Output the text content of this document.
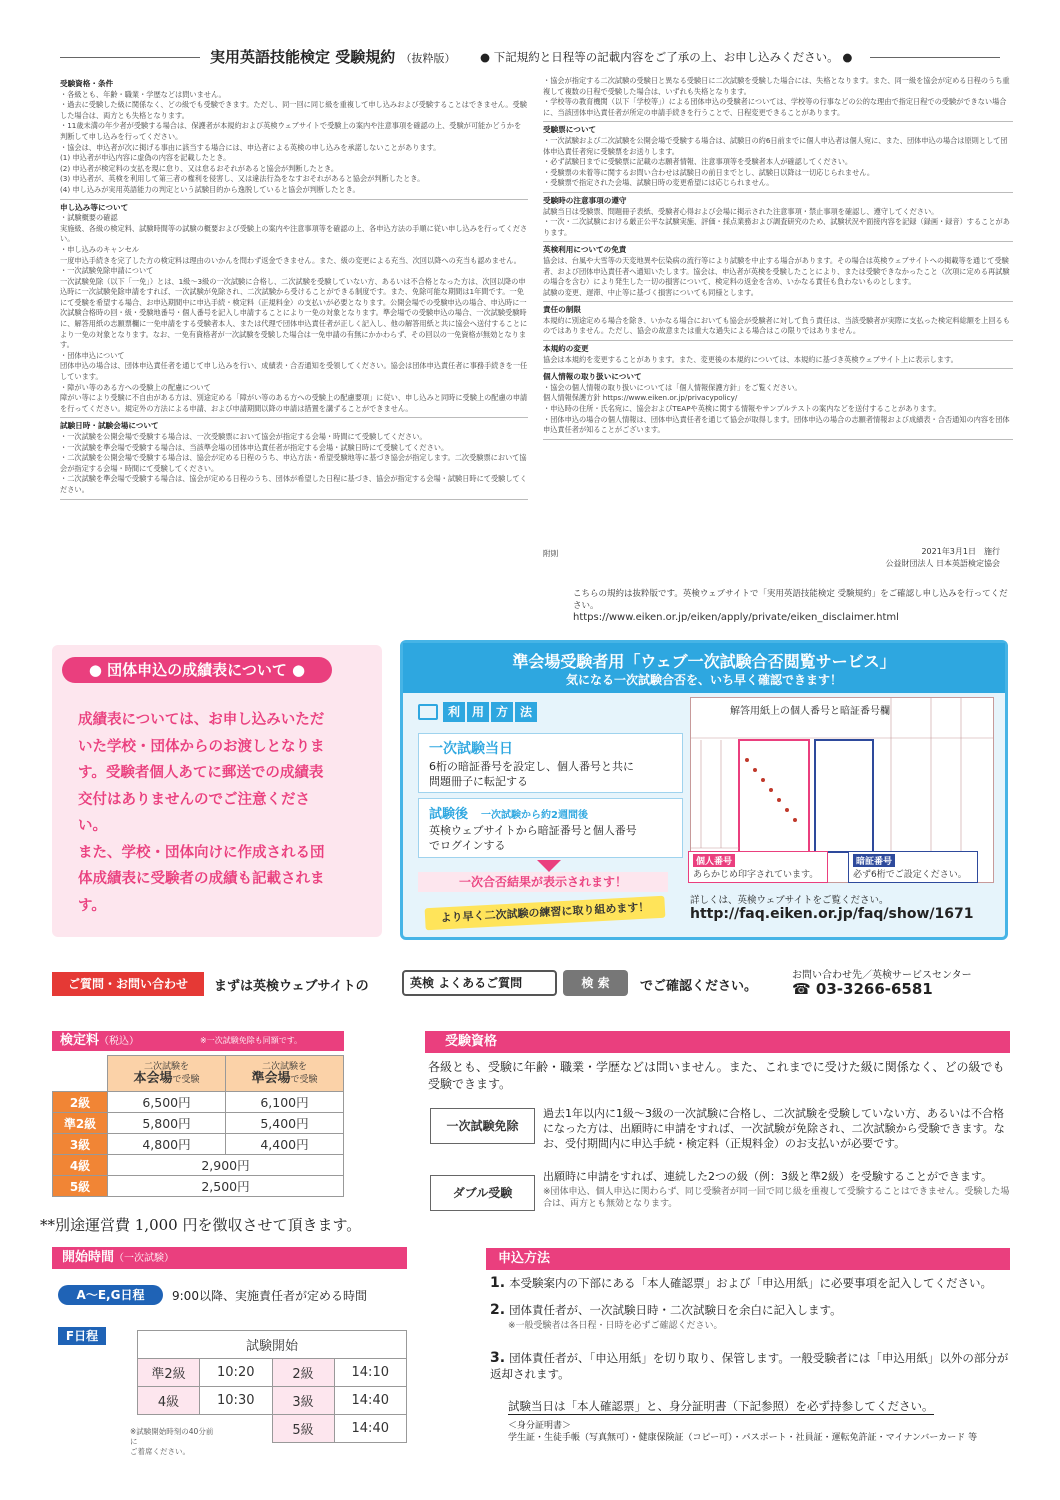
実用英語技能検定 受験規約 （抜粋版） ● 下記規約と日程等の記載内容をご了承の上、お申し込みください。 ●
受験資格・条件

・各級とも、年齢・職業・学歴などは問いません。

・過去に受験した級に関係なく、どの級でも受験できます。ただし、同一回に同じ級を重複して申し込みおよび受験することはできません。受験した場合は、両方とも失格となります。

・11歳未満の年少者が受験する場合は、保護者が本規約および英検ウェブサイトで受験上の案内や注意事項を確認の上、受験が可能かどうかを判断して申し込みを行ってください。

・協会は、申込者が次に掲げる事由に該当する場合には、申込者による英検の申し込みを承諾しないことがあります。

(1) 申込者が申込内容に虚偽の内容を記載したとき。

(2) 申込者が検定料の支払を現に怠り、又は怠るおそれがあると協会が判断したとき。

(3) 申込者が、英検を利用して第三者の権利を侵害し、又は違法行為をなすおそれがあると協会が判断したとき。

(4) 申し込みが実用英語能力の判定という試験目的から逸脱していると協会が判断したとき。

申し込み等について

・試験概要の確認

実施級、各級の検定料、試験時間等の試験の概要および受験上の案内や注意事項等を確認の上、各申込方法の手順に従い申し込みを行ってください。

・申し込みのキャンセル

一度申込手続きを完了した方の検定料は理由のいかんを問わず返金できません。また、級の変更による充当、次回以降への充当も認めません。

・一次試験免除申請について

一次試験免除（以下「一免」）とは、1級～3級の一次試験に合格し、二次試験を受験していない方、あるいは不合格となった方は、次回以降の申込時に一次試験免除申請をすれば、一次試験が免除され、二次試験から受けることができる制度です。また、免除可能な期間は1年間です。一免にて受験を希望する場合、お申込期間中に申込手続・検定料（正規料金）の支払いが必要となります。公開会場での受験申込の場合、申込時に一次試験合格時の回・級・受験地番号・個人番号を記入し申請することにより一免の対象となります。準会場での受験申込の場合、一次試験受験時に、解答用紙の志願票欄に一免申請をする受験者本人、または代理で団体申込責任者が正しく記入し、他の解答用紙と共に協会へ送付することにより一免の対象となります。なお、一免有資格者が一次試験を受験した場合は一免申請の有無にかかわらず、その回以の一免資格が無効となります。

・団体申込について

団体申込の場合は、団体申込責任者を通じて申し込みを行い、成績表・合否通知を受領してください。協会は団体申込責任者に事務手続きを一任しています。

・障がい等のある方への受験上の配慮について

障がい等により受験に不自由がある方は、別途定める「障がい等のある方への受験上の配慮要項」に従い、申し込みと同時に受験上の配慮の申請を行ってください。規定外の方法による申請、および申請期間以降の申請は措置を講ずることができません。

試験日時・試験会場について

・一次試験を公開会場で受験する場合は、一次受験票において協会が指定する会場・時間にて受験してください。

・一次試験を準会場で受験する場合は、当該準会場の団体申込責任者が指定する会場・試験日時にて受験してください。

・二次試験を公開会場で受験する場合は、協会が定める日程のうち、申込方法・希望受験地等に基づき協会が指定します。二次受験票において協会が指定する会場・時間にて受験してください。

・二次試験を準会場で受験する場合は、協会が定める日程のうち、団体が希望した日程に基づき、協会が指定する会場・試験日時にて受験してください。

・協会が指定する二次試験の受験日と異なる受験日に二次試験を受験した場合には、失格となります。また、同一級を協会が定める日程のうち重複して複数の日程で受験した場合は、いずれも失格となります。

・学校等の教育機関（以下「学校等」）による団体申込の受験者については、学校等の行事などの公的な理由で指定日程での受験ができない場合に、当該団体申込責任者が所定の申請手続きを行うことで、日程変更できることがあります。

受験票について

・一次試験および二次試験を公開会場で受験する場合は、試験日の約6日前までに個人申込者は個人宛に、また、団体申込の場合は原則として団体申込責任者宛に受験票をお送りします。

・必ず試験日までに受験票に記載の志願者情報、注意事項等を受験者本人が確認してください。

・受験票の未着等に関するお問い合わせは試験日の前日までとし、試験日以降は一切応じられません。

・受験票で指定された会場、試験日時の変更希望には応じられません。

受験時の注意事項の遵守

試験当日は受験票、問題冊子表紙、受験者心得および会場に掲示された注意事項・禁止事項を確認し、遵守してください。

・一次・二次試験における厳正公平な試験実施、評価・採点業務および調査研究のため、試験状況や面接内容を記録（録画・録音）することがあります。

英検利用についての免責

協会は、台風や大雪等の天変地異や伝染病の流行等により試験を中止する場合があります。その場合は英検ウェブサイトへの掲載等を通じて受験者、および団体申込責任者へ通知いたします。協会は、申込者が英検を受験したことにより、または受験できなかったこと（次項に定める再試験の場合を含む）により発生した一切の損害について、検定料の返金を含め、いかなる責任も負わないものとします。

試験の変更、遅滞、中止等に基づく損害についても同様とします。

責任の制限

本規約に別途定める場合を除き、いかなる場合においても協会が受験者に対して負う責任は、当該受験者が実際に支払った検定料総額を上回るものではありません。ただし、協会の故意または重大な過失による場合はこの限りではありません。

本規約の変更

協会は本規約を変更することがあります。また、変更後の本規約については、本規約に基づき英検ウェブサイト上に表示します。

個人情報の取り扱いについて

・協会の個人情報の取り扱いについては「個人情報保護方針」をご覧ください。

個人情報保護方針 https://www.eiken.or.jp/privacypolicy/

・申込時の住所・氏名宛に、協会およびTEAPや英検に関する情報やサンプルテストの案内などを送付することがあります。

・団体申込の場合の個人情報は、団体申込責任者を通じて協会が取得します。団体申込の場合の志願者情報および成績表・合否通知の内容を団体申込責任者が知ることがございます。

附則	2021年3月1日　施行
公益財団法人 日本英語検定協会
こちらの規約は抜粋版です。英検ウェブサイトで「実用英語技能検定 受験規約」をご確認し申し込みを行ってください。
https://www.eiken.or.jp/eiken/apply/private/eiken_disclaimer.html
● 団体申込の成績表について ●
成績表については、お申し込みいただいた学校・団体からのお渡しとなります。受験者個人あてに郵送での成績表交付はありませんのでご注意ください。
また、学校・団体向けに作成される団体成績表に受験者の成績も記載されます。
準会場受験者用「ウェブ一次試験合否閲覧サービス」
気になる一次試験合否を、いち早く確認できます！
利 用 方 法
一次試験当日
6桁の暗証番号を設定し、個人番号と共に
問題冊子に転記する
試験後　 一次試験から約2週間後
英検ウェブサイトから暗証番号と個人番号
でログインする
一次合否結果が表示されます！
より早く二次試験の練習に取り組めます！
解答用紙上の個人番号と暗証番号欄
個人番号
あらかじめ印字されています。
暗証番号
必ず6桁でご設定ください。
詳しくは、英検ウェブサイトをご覧ください。
http://faq.eiken.or.jp/faq/show/1671
ご質問・お問い合わせ	まずは英検ウェブサイトの	英検 よくあるご質問	検 索	でご確認ください。
お問い合わせ先／英検サービスセンター
☎ 03-3266-6581
検定料（税込）	※一次試験免除も同額です。
	二次試験を
本会場で受験	二次試験を
準会場で受験
2級	6,500円	6,100円
準2級	5,800円	5,400円
3級	4,800円	4,400円
4級	2,900円	
5級	2,500円	
**別途運営費 1,000 円を徴収させて頂きます。
開始時間（一次試験）
A～E,G日程	9:00以降、実施責任者が定める時間
F日程
試験開始			
準2級	10:20	2級	14:10
4級	10:30	3級	14:40
		5級	14:40
※試験開始時刻の40分前に
ご着席ください。
受験資格
各級とも、受験に年齢・職業・学歴などは問いません。また、これまでに受けた級に関係なく、どの級でも受験できます。
一次試験免除
過去1年以内に1級～3級の一次試験に合格し、二次試験を受験していない方、あるいは不合格になった方は、出願時に申請をすれば、一次試験が免除され、二次試験から受験できます。なお、受付期間内に申込手続・検定料（正規料金）のお支払いが必要です。
ダブル受験
出願時に申請をすれば、連続した2つの級（例：3級と準2級）を受験することができます。
※団体申込、個人申込に関わらず、同じ受験者が同一回で同じ級を重複して受験することはできません。受験した場合は、両方とも無効となります。
申込方法
1. 本受験案内の下部にある「本人確認票」および「申込用紙」に必要事項を記入してください。
2. 団体責任者が、一次試験日時・二次試験日を余白に記入します。
※一般受験者は各日程・日時を必ずご確認ください。
3. 団体責任者が、「申込用紙」を切り取り、保管します。一般受験者には「申込用紙」以外の部分が返却されます。
試験当日は「本人確認票」と、身分証明書（下記参照）を必ず持参してください。
＜身分証明書＞
学生証・生徒手帳（写真無可）・健康保険証（コピー可）・パスポート・社員証・運転免許証・マイナンバーカード 等
